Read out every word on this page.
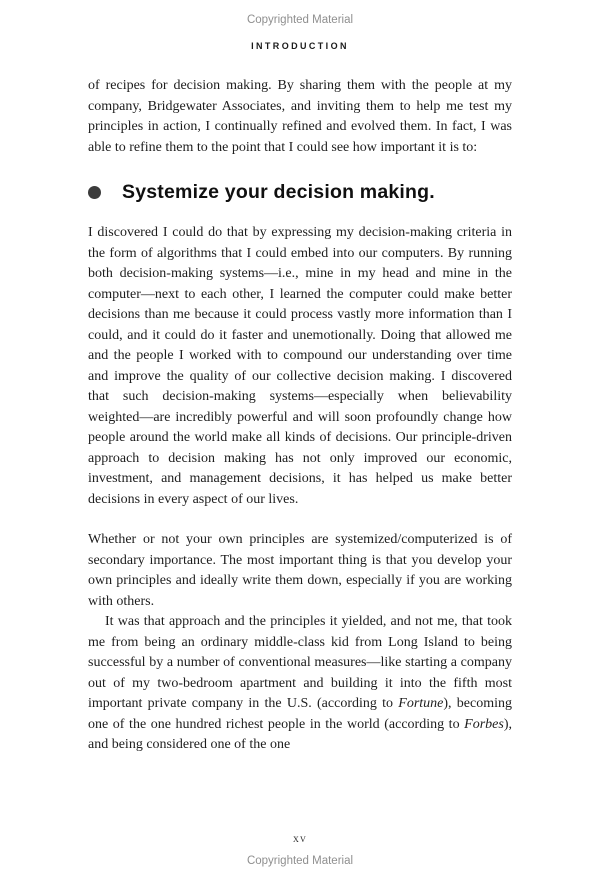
Copyrighted Material
INTRODUCTION

of recipes for decision making. By sharing them with the people at my company, Bridgewater Associates, and inviting them to help me test my principles in action, I continually refined and evolved them. In fact, I was able to refine them to the point that I could see how important it is to:

Systemize your decision making.

I discovered I could do that by expressing my decision-making criteria in the form of algorithms that I could embed into our computers. By running both decision-making systems—i.e., mine in my head and mine in the computer—next to each other, I learned the computer could make better decisions than me because it could process vastly more information than I could, and it could do it faster and unemotionally. Doing that allowed me and the people I worked with to compound our understanding over time and improve the quality of our collective decision making. I discovered that such decision-making systems—especially when believability weighted—are incredibly powerful and will soon profoundly change how people around the world make all kinds of decisions. Our principle-driven approach to decision making has not only improved our economic, investment, and management decisions, it has helped us make better decisions in every aspect of our lives.

Whether or not your own principles are systemized/computerized is of secondary importance. The most important thing is that you develop your own principles and ideally write them down, especially if you are working with others.

It was that approach and the principles it yielded, and not me, that took me from being an ordinary middle-class kid from Long Island to being successful by a number of conventional measures—like starting a company out of my two-bedroom apartment and building it into the fifth most important private company in the U.S. (according to Fortune), becoming one of the one hundred richest people in the world (according to Forbes), and being considered one of the one

xv
Copyrighted Material
